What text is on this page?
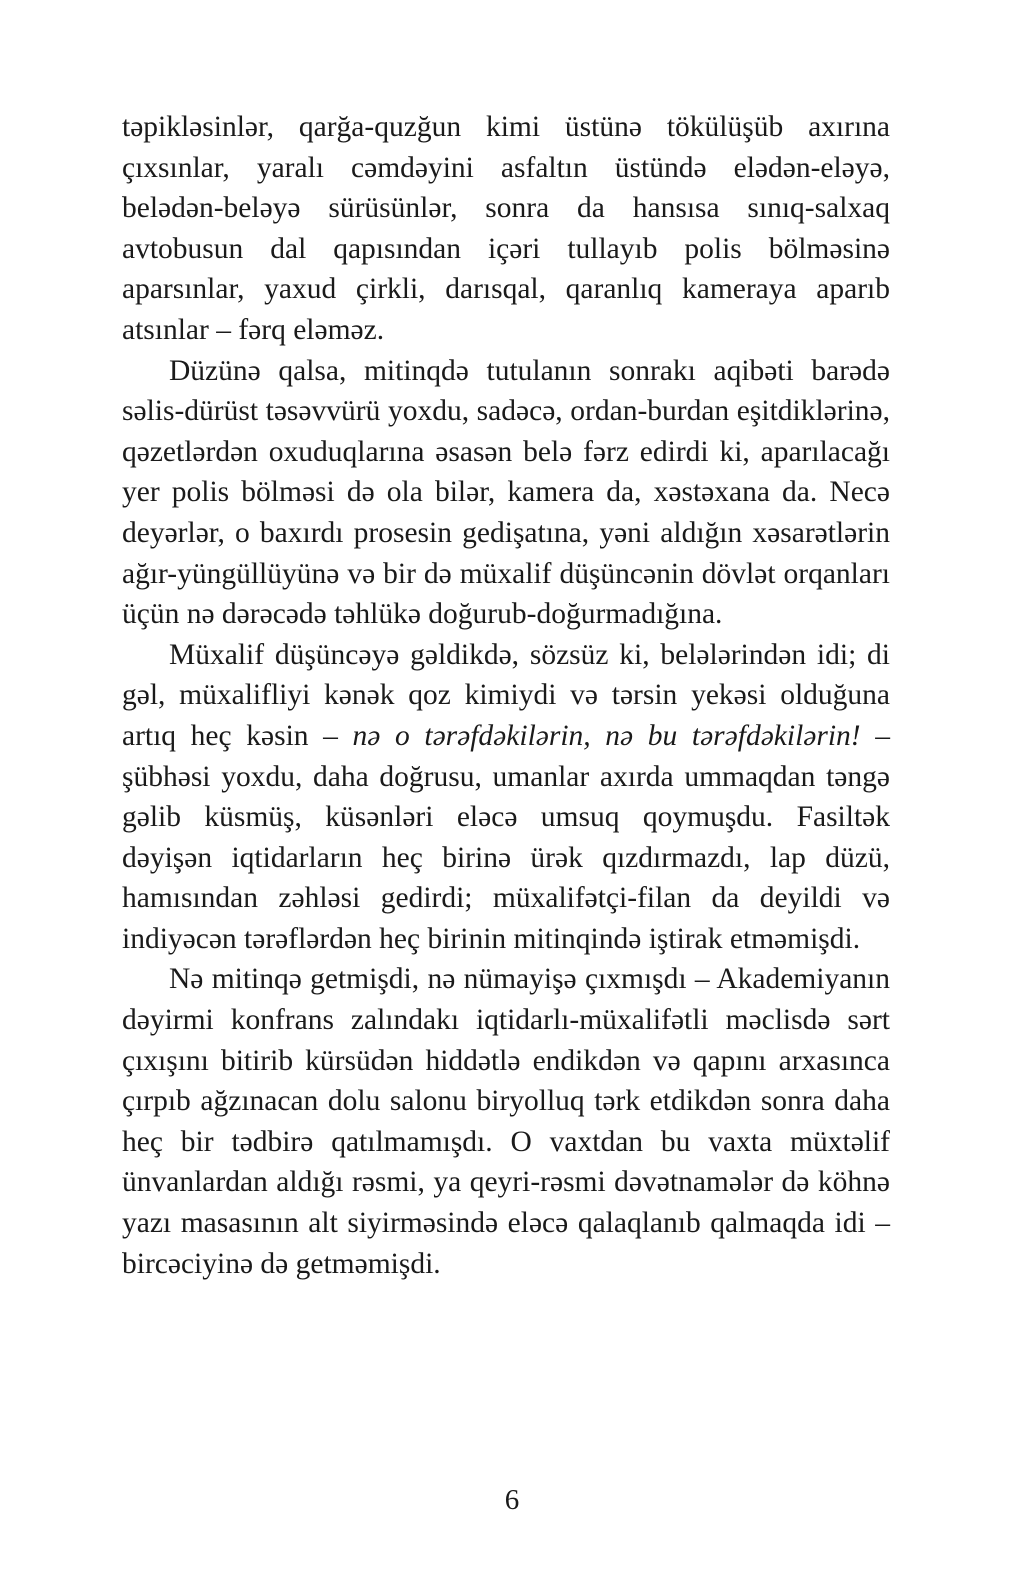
təpikləsinlər, qarğa-quzğun kimi üstünə tökülüşüb axırına çıxsınlar, yaralı cəmdəyini asfaltın üstündə elədən-eləyə, belədən-beləyə sürüsünlər, sonra da hansısa sınıq-salxaq avtobusun dal qapısından içəri tullayıb polis bölməsinə aparsınlar, yaxud çirkli, darısqal, qaranlıq kameraya aparıb atsınlar – fərq eləməz.

Düzünə qalsa, mitinqdə tutulanın sonrakı aqibəti barədə səlis-dürüst təsəvvürü yoxdu, sadəcə, ordan-burdan eşitdiklərinə, qəzetlərdən oxuduqlarına əsasən belə fərz edirdi ki, aparılacağı yer polis bölməsi də ola bilər, kamera da, xəstəxana da. Necə deyərlər, o baxırdı prosesin gedişatına, yəni aldığın xəsarətlərin ağır-yüngüllüyünə və bir də müxalif düşüncənin dövlət orqanları üçün nə dərəcədə təhlükə doğurub-doğurmadığına.

Müxalif düşüncəyə gəldikdə, sözsüz ki, belələrindən idi; di gəl, müxalifliyi kənək qoz kimiydi və tərsin yekəsi olduğuna artıq heç kəsin – nə o tərəfdəkilərin, nə bu tərəfdəkilərin! – şübhəsi yoxdu, daha doğrusu, umanlar axırda ummaqdan təngə gəlib küsmüş, küsənləri eləcə umsuq qoymuşdu. Fasiltək dəyişən iqtidarların heç birinə ürək qızdırmazdı, lap düzü, hamısından zəhləsi gedirdi; müxalifətçi-filan da deyildi və indiyəcən tərəflərdən heç birinin mitinqində iştirak etməmişdi.

Nə mitinqə getmişdi, nə nümayişə çıxmışdı – Akademiyanın dəyirmi konfrans zalındakı iqtidarlı-müxalifətli məclisdə sərt çıxışını bitirib kürsüdən hiddətlə endikdən və qapını arxasınca çırpıb ağzınacan dolu salonu biryolluq tərk etdikdən sonra daha heç bir tədbirə qatılmamışdı. O vaxtdan bu vaxta müxtəlif ünvanlardan aldığı rəsmi, ya qeyri-rəsmi dəvətnamələr də köhnə yazı masasının alt siyirməsində eləcə qalaqlanıb qalmaqda idi – bircəciyinə də getməmişdi.

6
